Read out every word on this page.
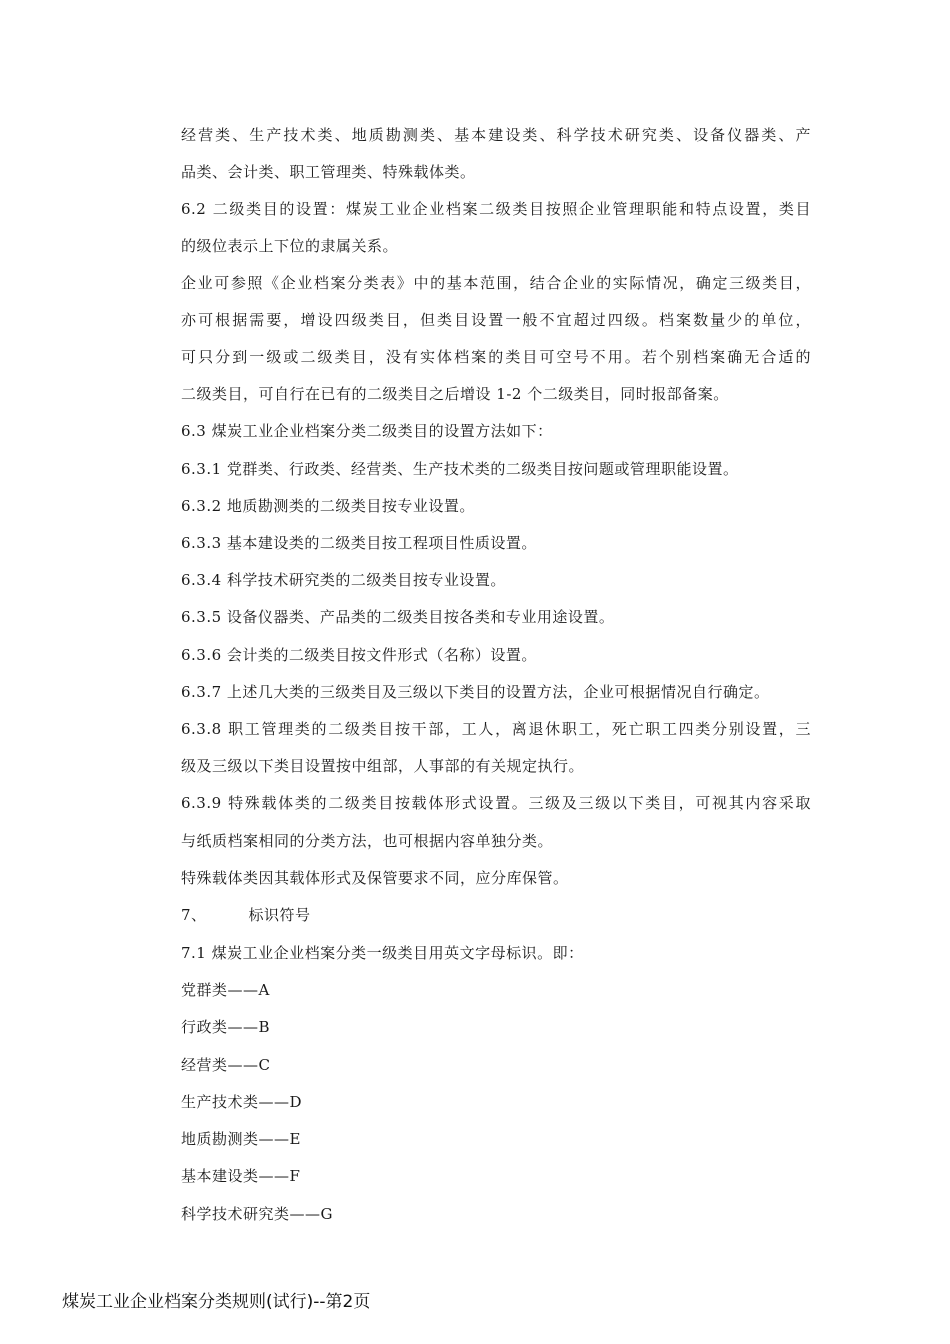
经营类、生产技术类、地质勘测类、基本建设类、科学技术研究类、设备仪器类、产
品类、会计类、职工管理类、特殊载体类。
6.2 二级类目的设置：煤炭工业企业档案二级类目按照企业管理职能和特点设置，类目
的级位表示上下位的隶属关系。
企业可参照《企业档案分类表》中的基本范围，结合企业的实际情况，确定三级类目，
亦可根据需要，增设四级类目，但类目设置一般不宜超过四级。档案数量少的单位，
可只分到一级或二级类目，没有实体档案的类目可空号不用。若个别档案确无合适的
二级类目，可自行在已有的二级类目之后增设 1-2 个二级类目，同时报部备案。
6.3 煤炭工业企业档案分类二级类目的设置方法如下：
6.3.1 党群类、行政类、经营类、生产技术类的二级类目按问题或管理职能设置。
6.3.2 地质勘测类的二级类目按专业设置。
6.3.3 基本建设类的二级类目按工程项目性质设置。
6.3.4 科学技术研究类的二级类目按专业设置。
6.3.5 设备仪器类、产品类的二级类目按各类和专业用途设置。
6.3.6 会计类的二级类目按文件形式（名称）设置。
6.3.7 上述几大类的三级类目及三级以下类目的设置方法，企业可根据情况自行确定。
6.3.8 职工管理类的二级类目按干部，工人，离退休职工，死亡职工四类分别设置，三
级及三级以下类目设置按中组部，人事部的有关规定执行。
6.3.9 特殊载体类的二级类目按载体形式设置。三级及三级以下类目，可视其内容采取
与纸质档案相同的分类方法，也可根据内容单独分类。
特殊载体类因其载体形式及保管要求不同，应分库保管。
7、	标识符号
7.1 煤炭工业企业档案分类一级类目用英文字母标识。即：
党群类——A
行政类——B
经营类——C
生产技术类——D
地质勘测类——E
基本建设类——F
科学技术研究类——G
煤炭工业企业档案分类规则(试行)--第2页
